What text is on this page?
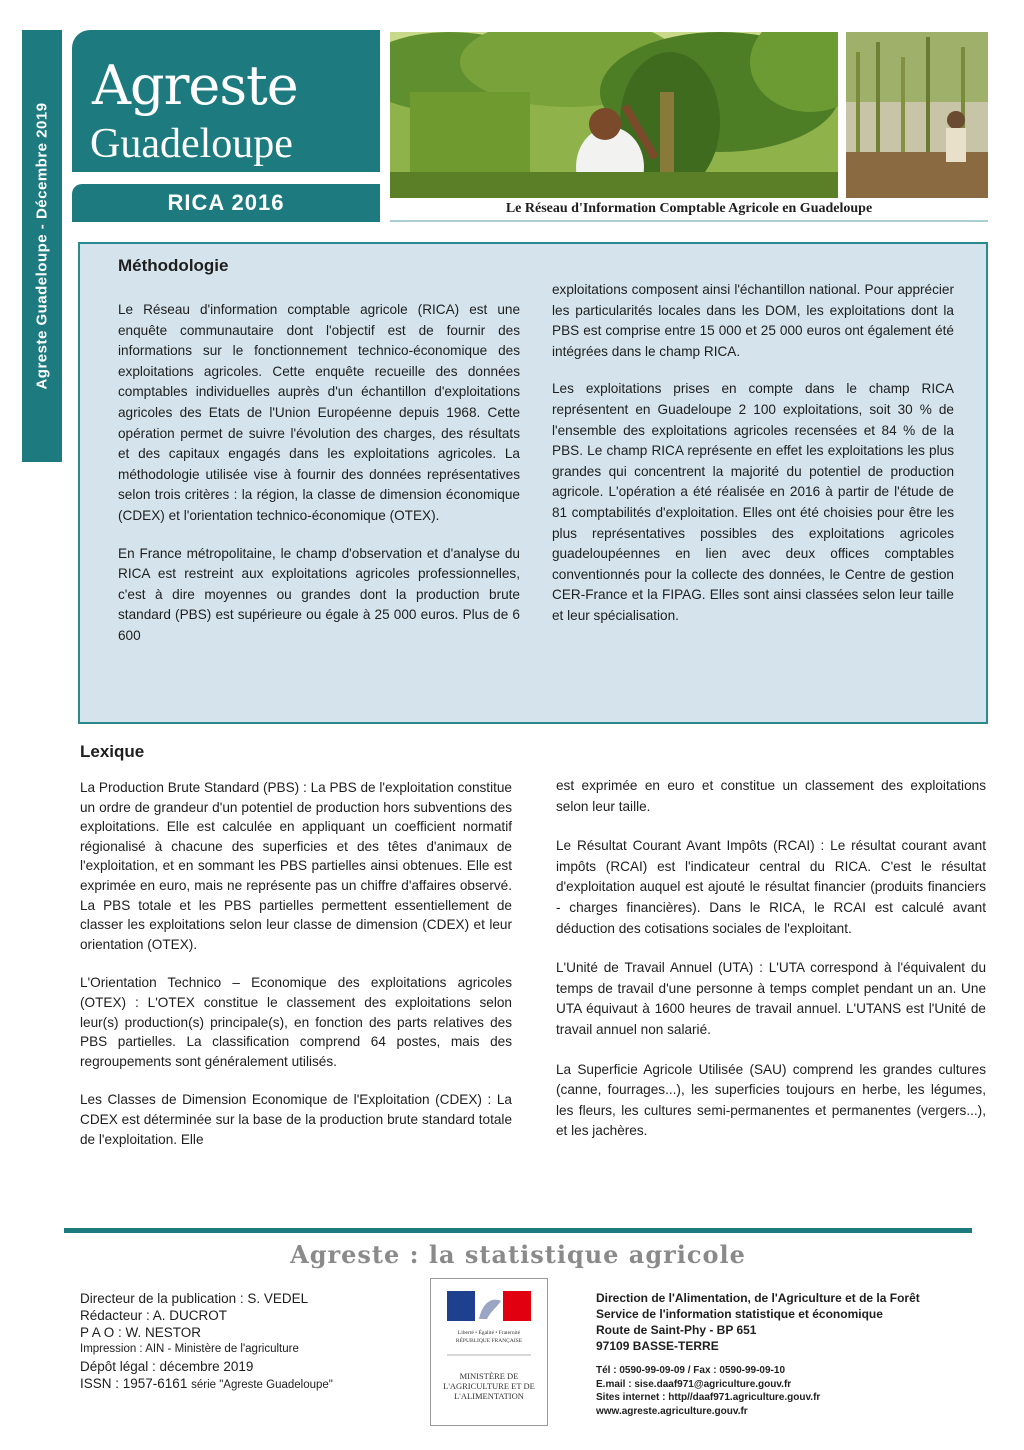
Agreste Guadeloupe - Décembre 2019
Agreste
Guadeloupe
RICA 2016	Le Réseau d'Information Comptable Agricole en Guadeloupe
Méthodologie

Le Réseau d'information comptable agricole (RICA) est une enquête communautaire dont l'objectif est de fournir des informations sur le fonctionnement technico-économique des exploitations agricoles. Cette enquête recueille des données comptables individuelles auprès d'un échantillon d'exploitations agricoles des Etats de l'Union Européenne depuis 1968. Cette opération permet de suivre l'évolution des charges, des résultats et des capitaux engagés dans les exploitations agricoles. La méthodologie utilisée vise à fournir des données représentatives selon trois critères : la région, la classe de dimension économique (CDEX) et l'orientation technico-économique (OTEX).

En France métropolitaine, le champ d'observation et d'analyse du RICA est restreint aux exploitations agricoles professionnelles, c'est à dire moyennes ou grandes dont la production brute standard (PBS) est supérieure ou égale à 25 000 euros. Plus de 6 600

exploitations composent ainsi l'échantillon national. Pour apprécier les particularités locales dans les DOM, les exploitations dont la PBS est comprise entre 15 000 et 25 000 euros ont également été intégrées dans le champ RICA.

Les exploitations prises en compte dans le champ RICA représentent en Guadeloupe 2 100 exploitations, soit 30 % de l'ensemble des exploitations agricoles recensées et 84 % de la PBS. Le champ RICA représente en effet les exploitations les plus grandes qui concentrent la majorité du potentiel de production agricole. L'opération a été réalisée en 2016 à partir de l'étude de 81 comptabilités d'exploitation. Elles ont été choisies pour être les plus représentatives possibles des exploitations agricoles guadeloupéennes en lien avec deux offices comptables conventionnés pour la collecte des données, le Centre de gestion CER-France et la FIPAG. Elles sont ainsi classées selon leur taille et leur spécialisation.

Lexique

La Production Brute Standard (PBS) : La PBS de l'exploitation constitue un ordre de grandeur d'un potentiel de production hors subventions des exploitations. Elle est calculée en appliquant un coefficient normatif régionalisé à chacune des superficies et des têtes d'animaux de l'exploitation, et en sommant les PBS partielles ainsi obtenues. Elle est exprimée en euro, mais ne représente pas un chiffre d'affaires observé. La PBS totale et les PBS partielles permettent essentiellement de classer les exploitations selon leur classe de dimension (CDEX) et leur orientation (OTEX).

L'Orientation Technico – Economique des exploitations agricoles (OTEX) : L'OTEX constitue le classement des exploitations selon leur(s) production(s) principale(s), en fonction des parts relatives des PBS partielles. La classification comprend 64 postes, mais des regroupements sont généralement utilisés.

Les Classes de Dimension Economique de l'Exploitation (CDEX) : La CDEX est déterminée sur la base de la production brute standard totale de l'exploitation. Elle

est exprimée en euro et constitue un classement des exploitations selon leur taille.

Le Résultat Courant Avant Impôts (RCAI) : Le résultat courant avant impôts (RCAI) est l'indicateur central du RICA. C'est le résultat d'exploitation auquel est ajouté le résultat financier (produits financiers - charges financières). Dans le RICA, le RCAI est calculé avant déduction des cotisations sociales de l'exploitant.

L'Unité de Travail Annuel (UTA) : L'UTA correspond à l'équivalent du temps de travail d'une personne à temps complet pendant un an. Une UTA équivaut à 1600 heures de travail annuel. L'UTANS est l'Unité de travail annuel non salarié.

La Superficie Agricole Utilisée (SAU) comprend les grandes cultures (canne, fourrages...), les superficies toujours en herbe, les légumes, les fleurs, les cultures semi-permanentes et permanentes (vergers...), et les jachères.

Agreste : la statistique agricole
Directeur de la publication : S. VEDEL
Rédacteur : A. DUCROT
P A O : W. NESTOR
Impression : AIN - Ministère de l'agriculture
Dépôt légal : décembre 2019
ISSN : 1957-6161 série "Agreste Guadeloupe"
Liberté • Égalité • Fraternité
RÉPUBLIQUE FRANÇAISE
MINISTÈRE DE L'AGRICULTURE ET DE L'ALIMENTATION
Direction de l'Alimentation, de l'Agriculture et de la Forêt
Service de l'information statistique et économique
Route de Saint-Phy - BP 651
97109 BASSE-TERRE
Tél : 0590-99-09-09 / Fax : 0590-99-09-10
E.mail : sise.daaf971@agriculture.gouv.fr
Sites internet : http//daaf971.agriculture.gouv.fr
www.agreste.agriculture.gouv.fr
